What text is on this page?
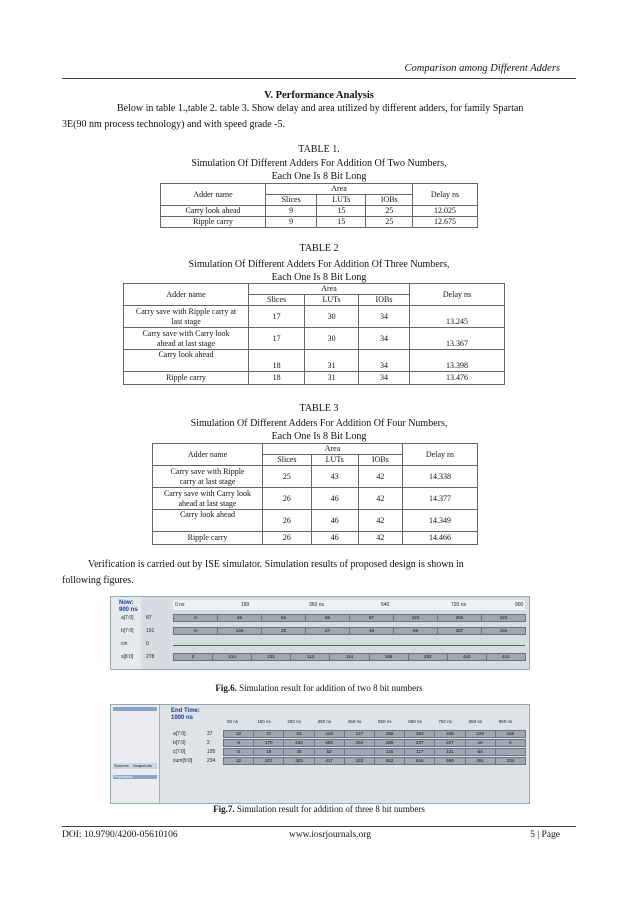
Comparison among Different Adders
V. Performance Analysis
Below in table 1.,table 2. table 3. Show delay and area utilized by different adders, for family Spartan
3E(90 nm process technology) and with speed grade -5.
TABLE 1.
Simulation Of Different Adders For Addition Of Two Numbers,
Each One Is 8 Bit Long
Adder name	Area			Delay ns
	Slices	LUTs	IOBs	
Carry look ahead	9	15	25	12.025
Ripple carry	9	15	25	12.675
TABLE 2
Simulation Of Different Adders For Addition Of Three Numbers,
Each One Is 8 Bit Long
Adder name	Area			Delay ns
	Slices	LUTs	IOBs	

Carry save with Ripple carry at
last stage	17	30	34	13.245

Carry save with Carry look
ahead at last stage	17	30	34	13.367
Carry look ahead	18	31	34	13.398
Ripple carry	18	31	34	13.476
TABLE 3
Simulation Of Different Adders For Addition Of Four Numbers,
Each One Is 8 Bit Long
Adder name	Area			Delay ns
	Slices	LUTs	IOBs	

Carry save with Ripple
carry at last stage	25	43	42	14.338

Carry save with Carry look
ahead at last stage	26	46	42	14.377
Carry look ahead	26	46	42	14.349
Ripple carry	26	46	42	14.466
Verification is carried out by ISE simulator. Simulation results of proposed design is shown in
following figures.
Now:
900 ns
0 ns	180	360 ns	540	720 ns	900
a[7:0] 87	0	46	64	86	87	223	255	223
b[7:0] 191	0	146	25	27	19	59	187	191
cin	0
s[8:0]	278	0	214	231	113	114	186	282	442	414
Fig.6. Simulation result for addition of two 8 bit numbers
Sources Snapshots
Processes
End Time:
1000 ns
50 ns	150 ns	250 ns	350 ns	450 ns	550 ns	650 ns	750 ns	850 ns	950 ns
a[7:0]	37	32	37	53	119	127	255	253	245	229	165
b[7:0]	2	8	170	234	250	254	255	247	227	16	2
c[7:0]	195	0	16	40	52	116	117	131	64
sum[9:0]	234	32	207	303	417	433	562	616	569	391	234
Fig.7. Simulation result for addition of three 8 bit numbers
DOI: 10.9790/4200-05610106	www.iosrjournals.org	5 | Page
